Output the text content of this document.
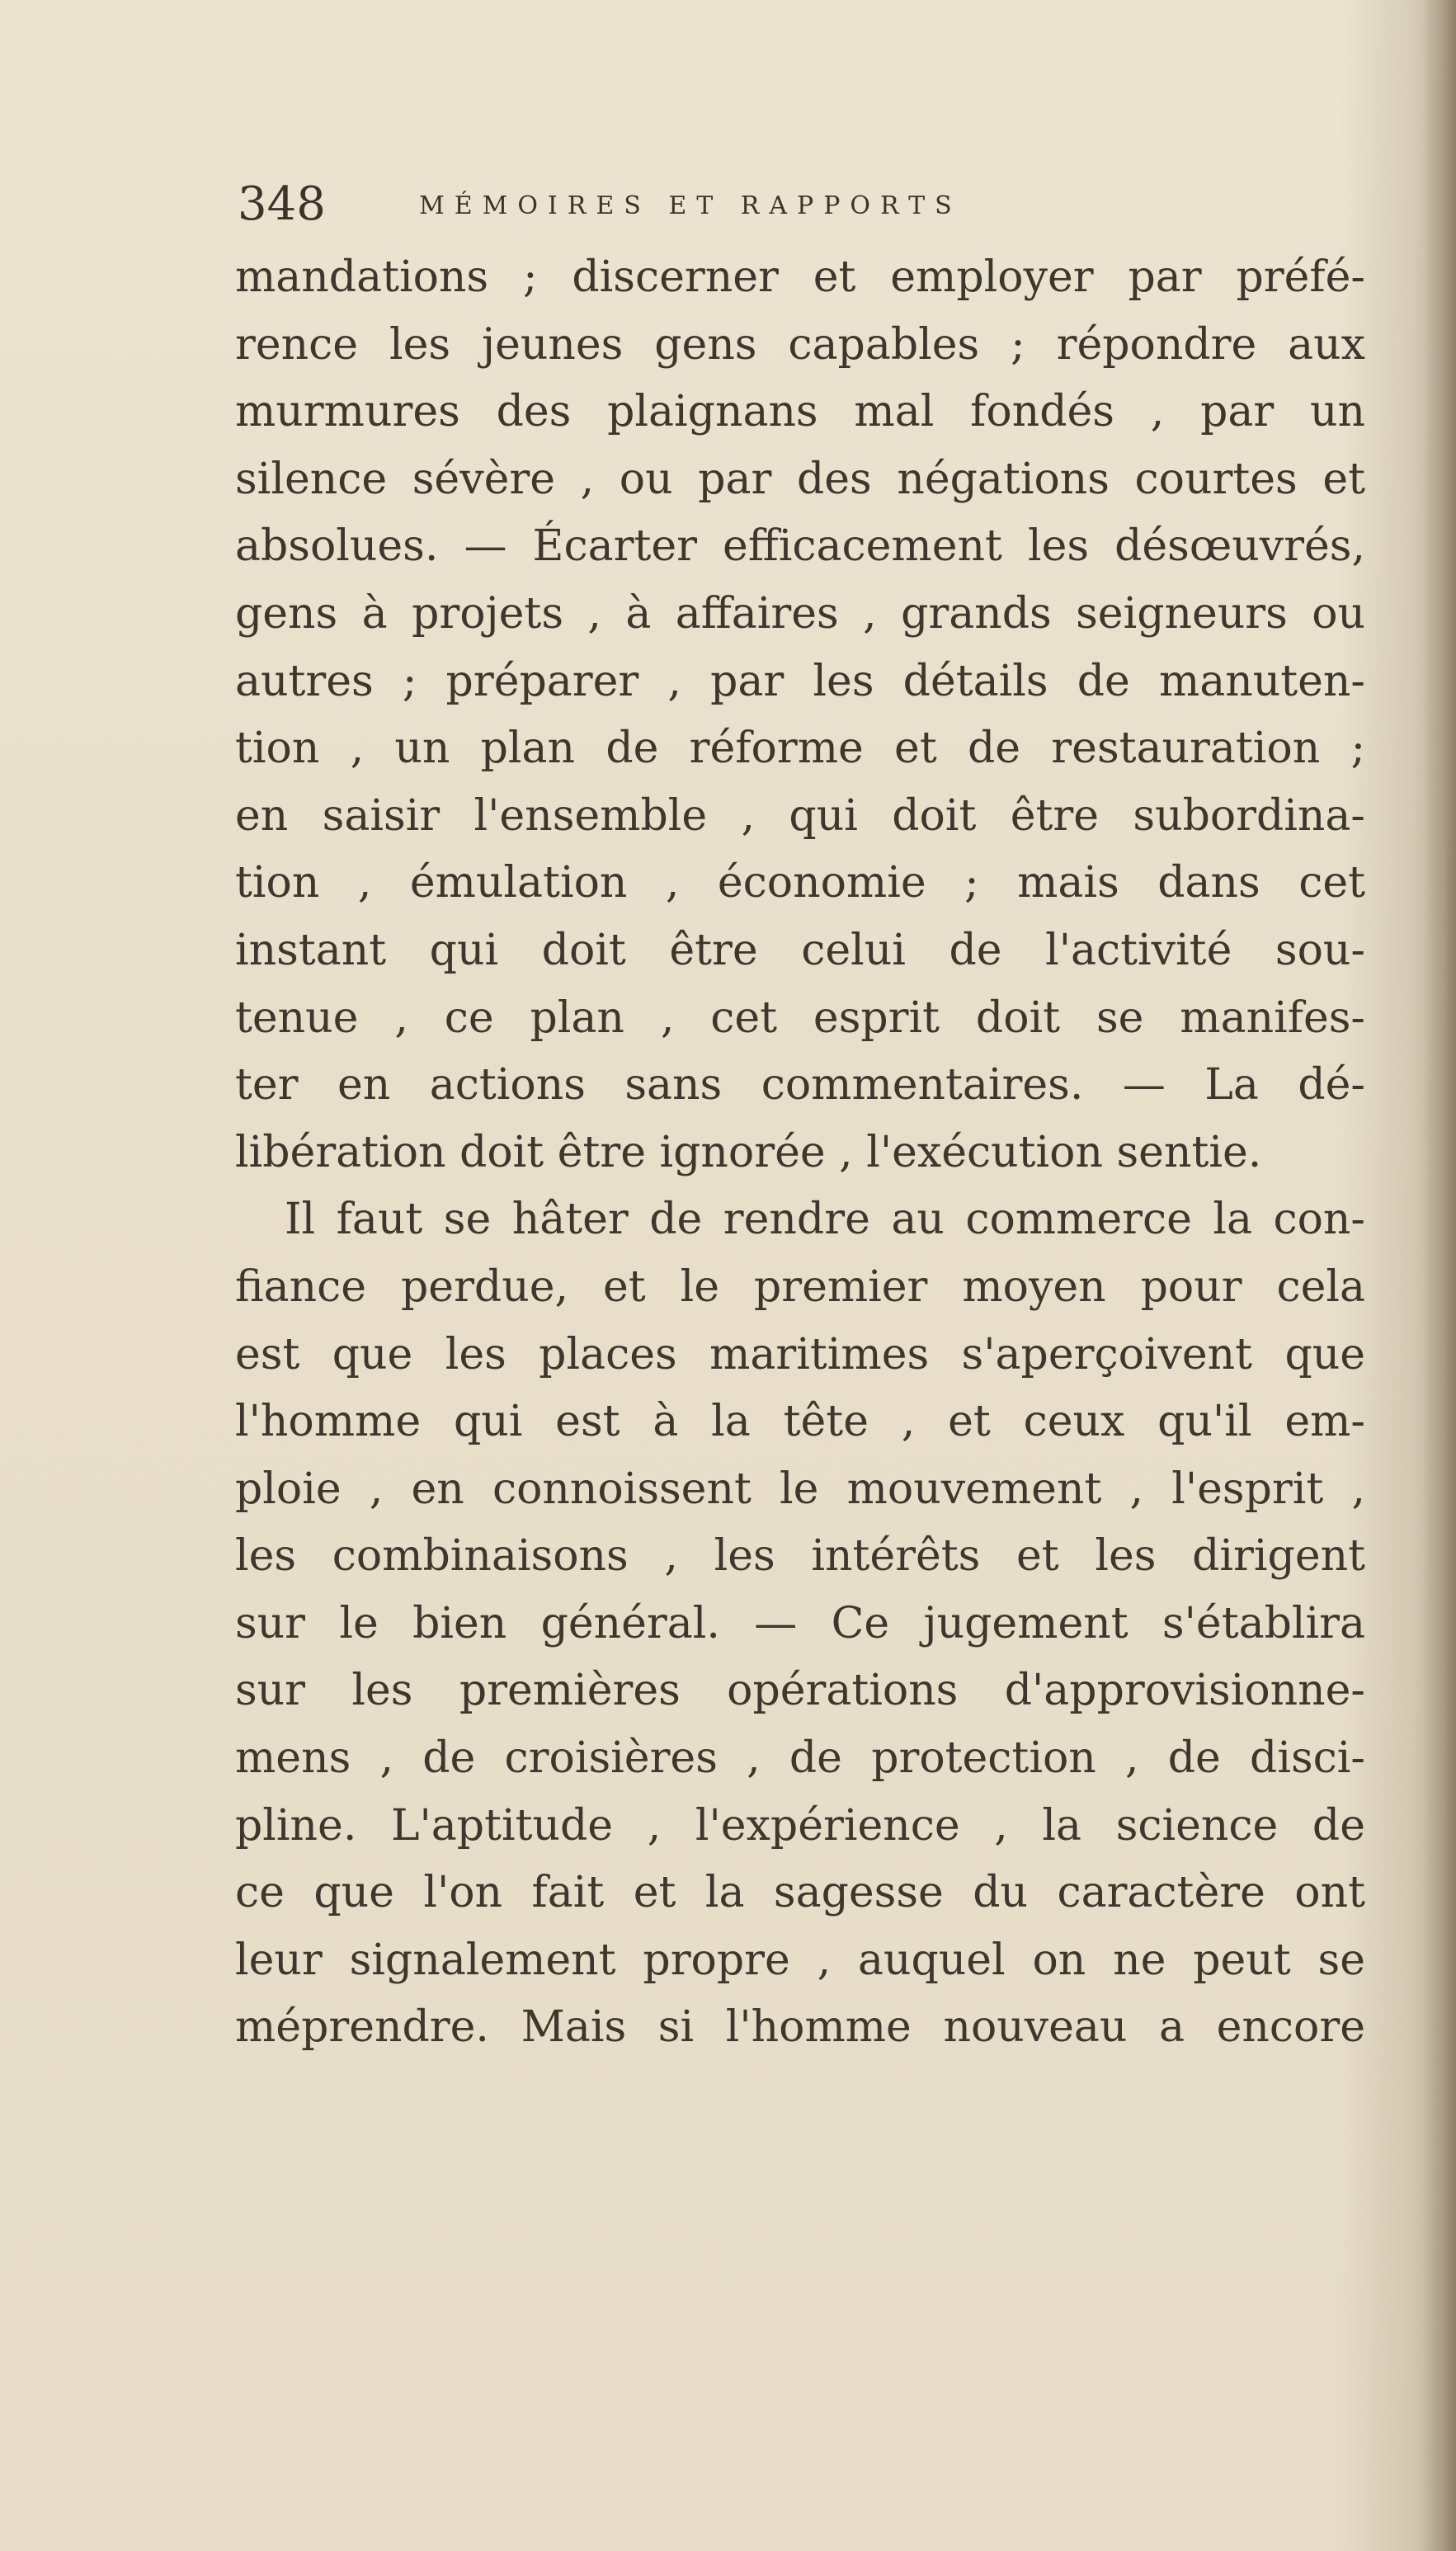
348	MÉMOIRES ET RAPPORTS
mandations ; discerner et employer par préfé-
rence les jeunes gens capables ; répondre aux
murmures des plaignans mal fondés , par un
silence sévère , ou par des négations courtes et
absolues. — Écarter efficacement les désœuvrés,
gens à projets , à affaires , grands seigneurs ou
autres ; préparer , par les détails de manuten-
tion , un plan de réforme et de restauration ;
en saisir l'ensemble , qui doit être subordina-
tion , émulation , économie ; mais dans cet
instant qui doit être celui de l'activité sou-
tenue , ce plan , cet esprit doit se manifes-
ter en actions sans commentaires. — La dé-
libération doit être ignorée , l'exécution sentie.
Il faut se hâter de rendre au commerce la con-
fiance perdue, et le premier moyen pour cela
est que les places maritimes s'aperçoivent que
l'homme qui est à la tête , et ceux qu'il em-
ploie , en connoissent le mouvement , l'esprit ,
les combinaisons , les intérêts et les dirigent
sur le bien général. — Ce jugement s'établira
sur les premières opérations d'approvisionne-
mens , de croisières , de protection , de disci-
pline. L'aptitude , l'expérience , la science de
ce que l'on fait et la sagesse du caractère ont
leur signalement propre , auquel on ne peut se
méprendre. Mais si l'homme nouveau a encore
